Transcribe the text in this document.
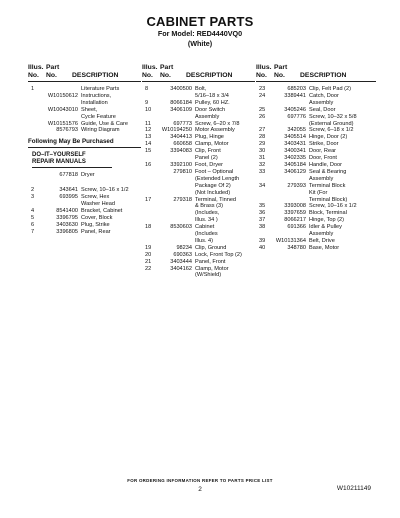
CABINET PARTS
For Model: RED4440VQ0
(White)
Illus.
No.
Part
No.
	DESCRIPTION
1	Literature Parts
W10150612 Instructions,
Installation
W10043010 Sheet,
Cycle Feature
W10151576 Guide, Use & Care
8576793 Wiring Diagram
Following May Be Purchased
DO–IT–YOURSELF
REPAIR MANUALS
677818 Dryer
2	343641 Screw, 10–16 x 1/2
3	693995 Screw, Hex
Washer Head
4	8541400 Bracket, Cabinet
5	3396795 Cover, Block
6	3403630 Plug, Strike
7	3396805 Panel, Rear
Illus.
No.
Part
No.
	DESCRIPTION
8	3400500 Bolt,
5/16–18 x 3/4
9	8066184 Pulley, 60 HZ.
10	3406109 Door Switch
Assembly
11	697773 Screw, 6–20 x 7/8
12	W10194250 Motor Assembly
13	3404413 Plug, Hinge
14	660658 Clamp, Motor
15	3394083 Clip, Front
Panel (2)
16	3392100 Foot, Dryer
279810 Foot – Optional
(Extended Length
Package Of 2)
(Not Included)
17	279318 Terminal, Tinned
& Brass (3)
(Includes,
Illus. 34 )
18	8530603 Cabinet
(Includes
Illus. 4)
19	98234 Clip, Ground
20	690363 Lock, Front Top (2)
21	3403444 Panel, Front
22	3404162 Clamp, Motor
(W/Shield)
Illus.
No.
Part
No.
	DESCRIPTION
23	685203 Clip, Felt Pad (2)
24	3389441 Catch, Door
Assembly
25	3405246 Seal, Door
26	697776 Screw, 10–32 x 5/8
(External Ground)
27	342055 Screw, 6–18 x 1/2
28	3405514 Hinge, Door (2)
29	3403431 Strike, Door
30	3400341 Door, Rear
31	3402335 Door, Front
32	3405184 Handle, Door
33	3406129 Seal & Bearing
Assembly
34	279393 Terminal Block
Kit (For
Terminal Block)
35	3393008 Screw, 10–16 x 1/2
36	3397659 Block, Terminal
37	8066217 Hinge, Top (2)
38	691366 Idler & Pulley
Assembly
39	W10131364 Belt, Drive
40	348780 Base, Motor
FOR ORDERING INFORMATION REFER TO PARTS PRICE LIST
2	W10211149
